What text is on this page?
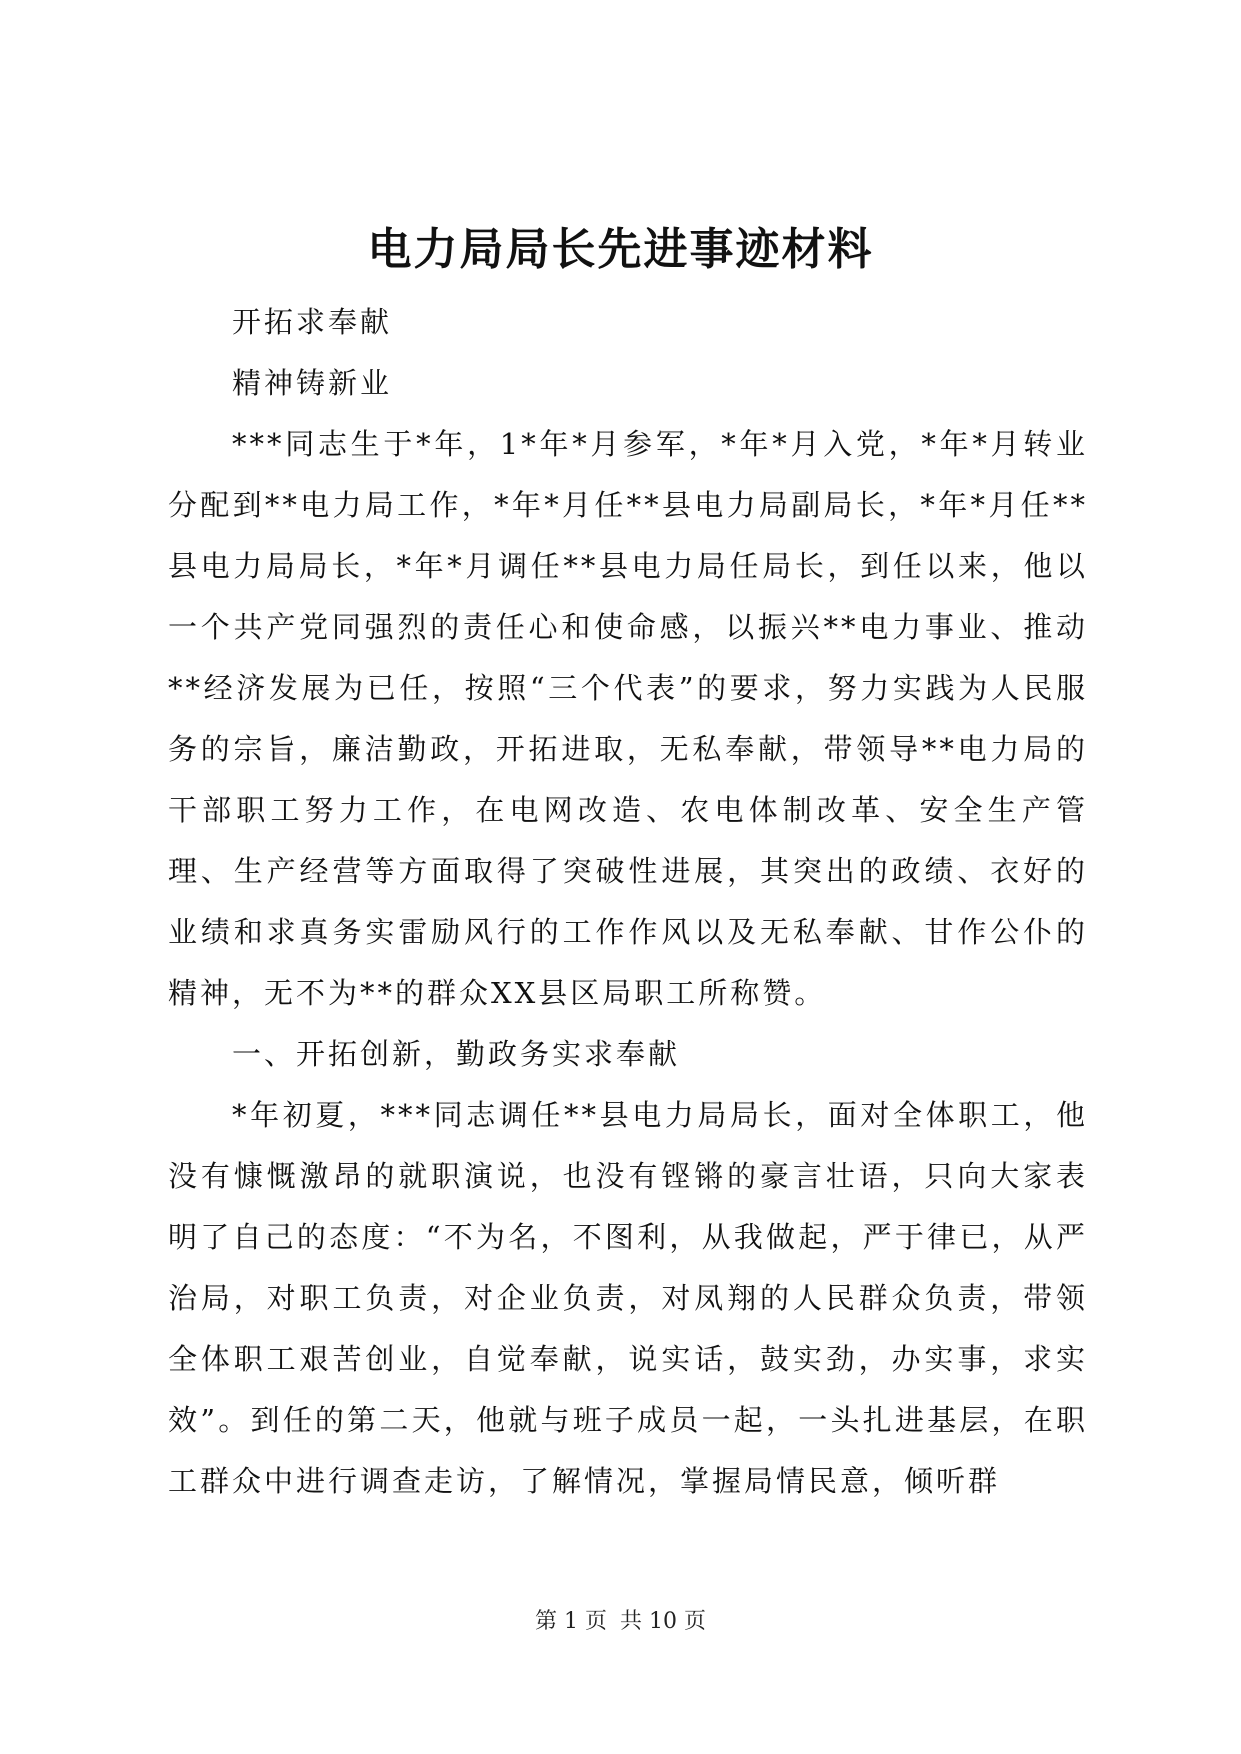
电力局局长先进事迹材料

开拓求奉献

精神铸新业

***同志生于*年，1*年*月参军，*年*月入党，*年*月转业分配到**电力局工作，*年*月任**县电力局副局长，*年*月任**县电力局局长，*年*月调任**县电力局任局长，到任以来，他以一个共产党同强烈的责任心和使命感，以振兴**电力事业、推动**经济发展为已任，按照“三个代表”的要求，努力实践为人民服务的宗旨，廉洁勤政，开拓进取，无私奉献，带领导**电力局的干部职工努力工作，在电网改造、农电体制改革、安全生产管理、生产经营等方面取得了突破性进展，其突出的政绩、衣好的业绩和求真务实雷励风行的工作作风以及无私奉献、甘作公仆的精神，无不为**的群众XX县区局职工所称赞。

一、开拓创新，勤政务实求奉献

*年初夏，***同志调任**县电力局局长，面对全体职工，他没有慷慨激昂的就职演说，也没有铿锵的豪言壮语，只向大家表明了自己的态度：“不为名，不图利，从我做起，严于律已，从严治局，对职工负责，对企业负责，对凤翔的人民群众负责，带领全体职工艰苦创业，自觉奉献，说实话，鼓实劲，办实事，求实效”。到任的第二天，他就与班子成员一起，一头扎进基层，在职工群众中进行调查走访，了解情况，掌握局情民意，倾听群

第 1 页 共 10 页
